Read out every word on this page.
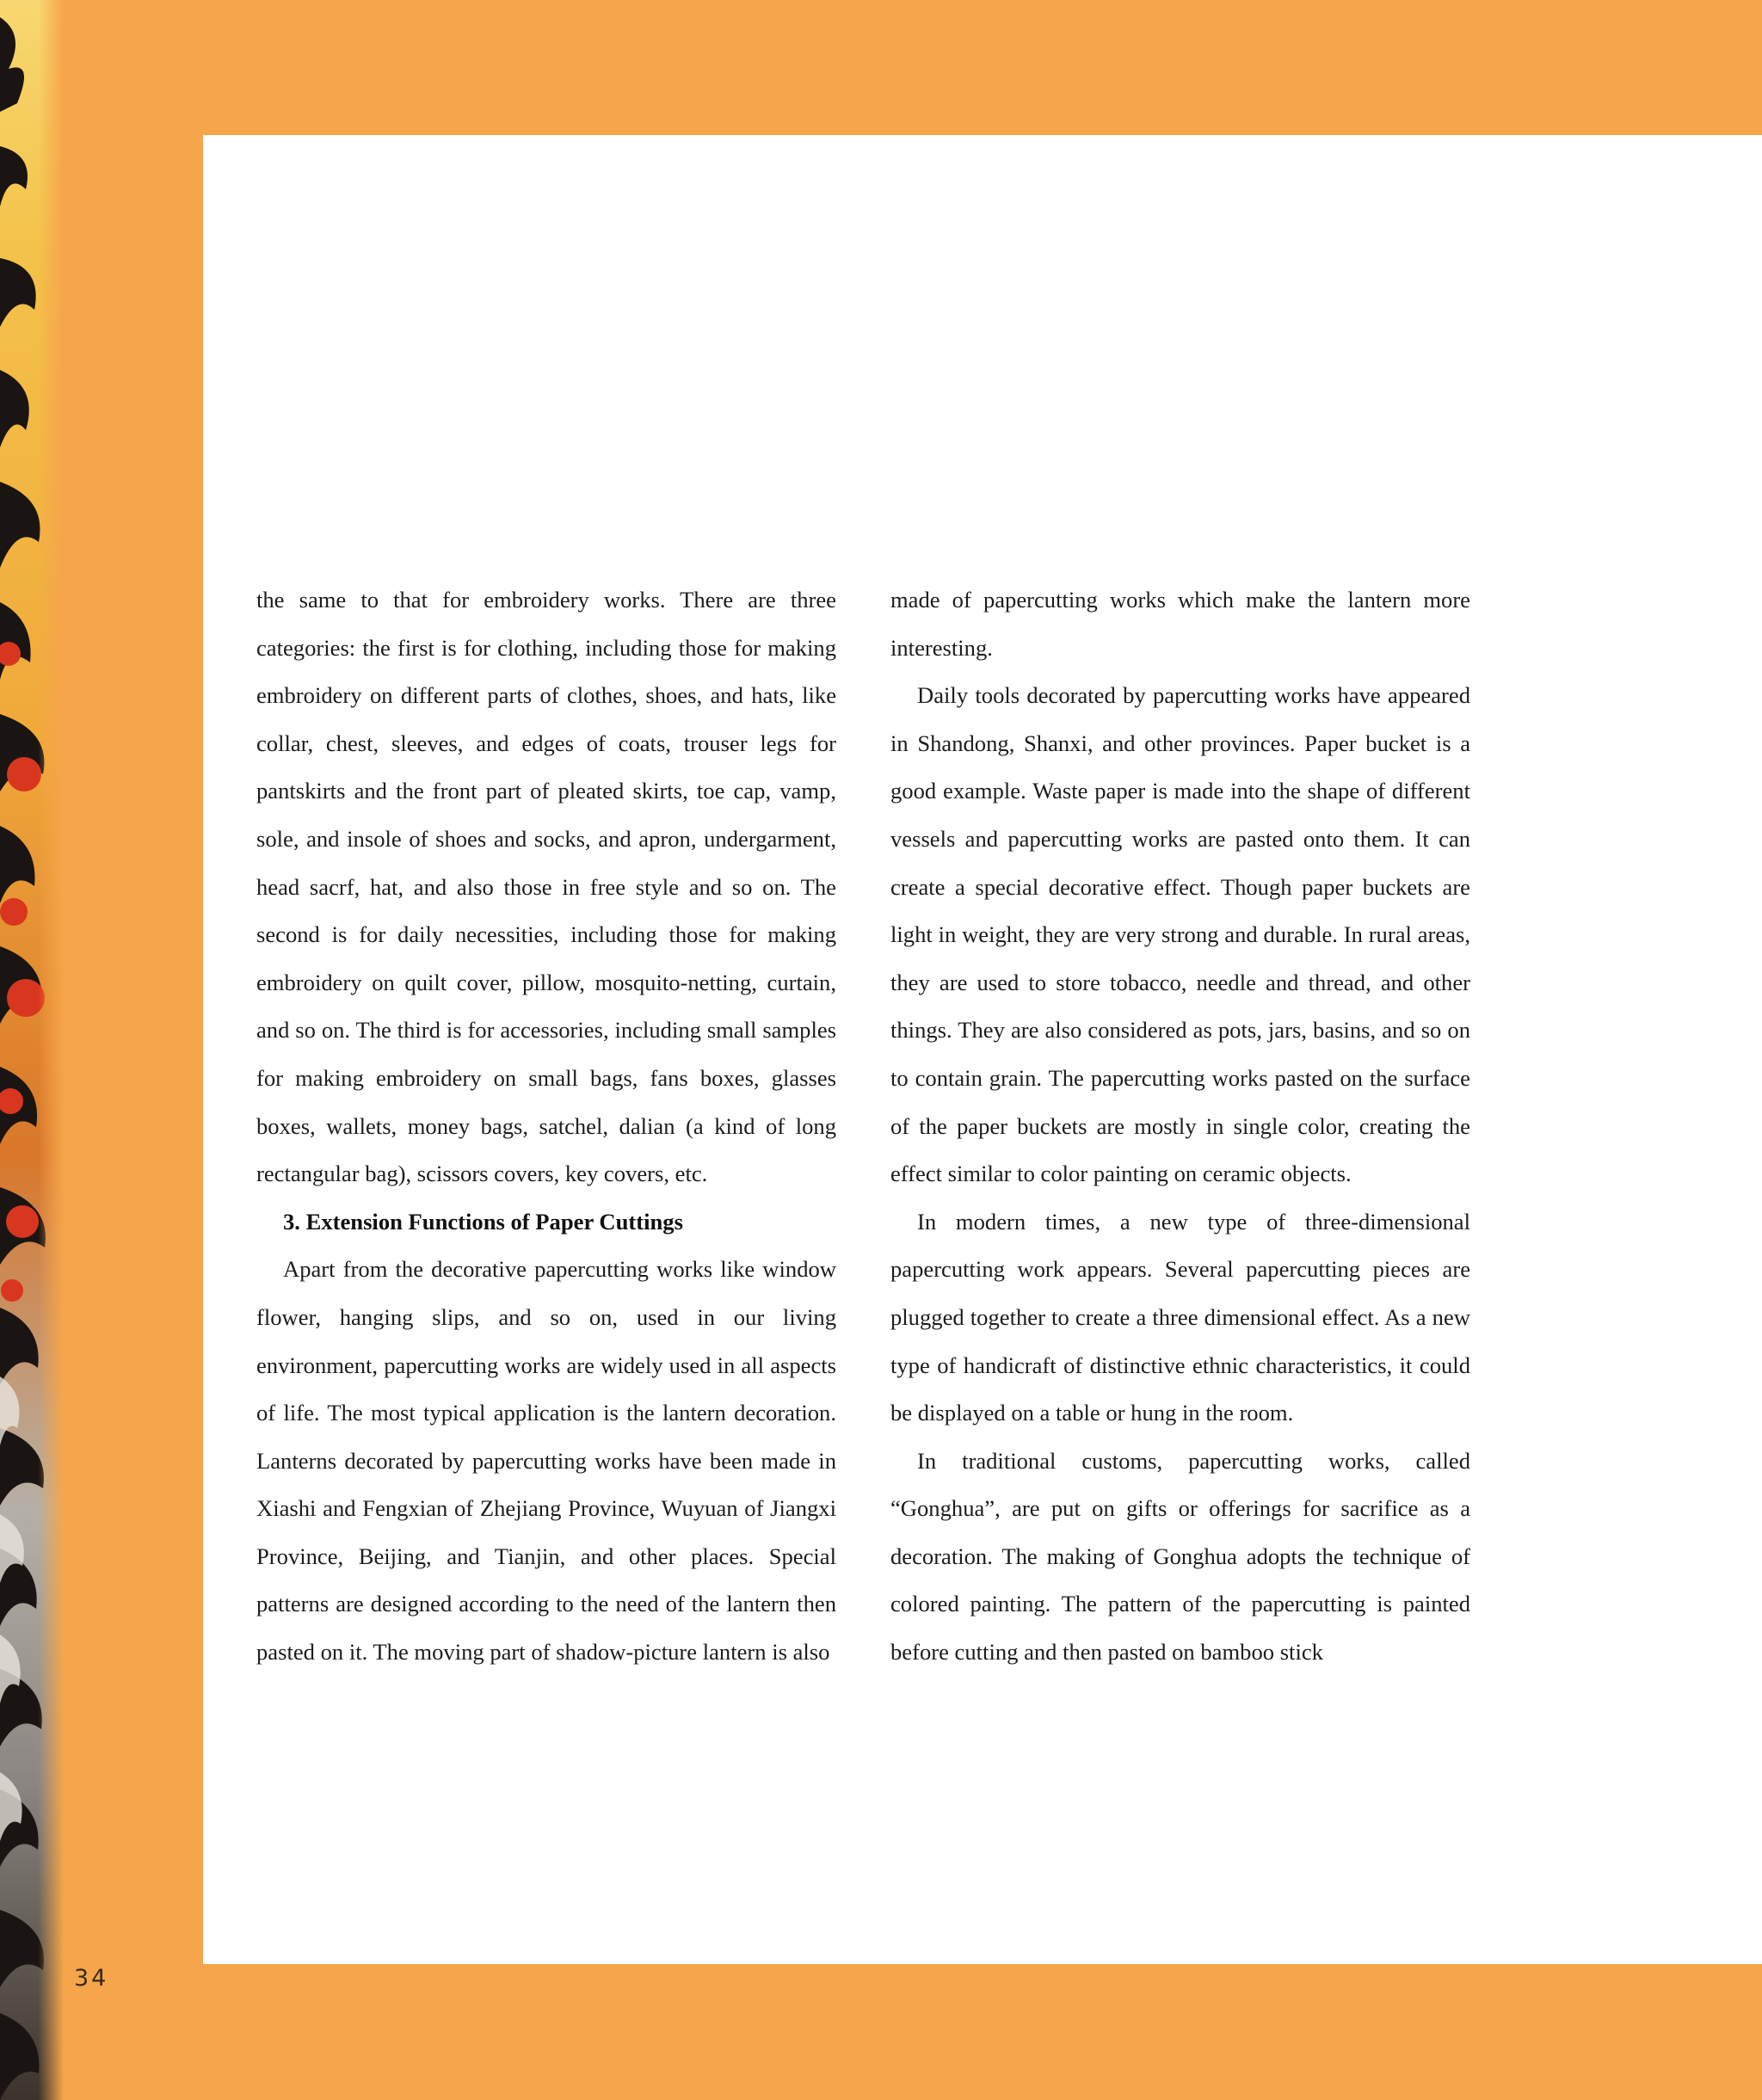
the same to that for embroidery works. There are three categories: the first is for clothing, including those for making embroidery on different parts of clothes, shoes, and hats, like collar, chest, sleeves, and edges of coats, trouser legs for pantskirts and the front part of pleated skirts, toe cap, vamp, sole, and insole of shoes and socks, and apron, undergarment, head sacrf, hat, and also those in free style and so on. The second is for daily necessities, including those for making embroidery on quilt cover, pillow, mosquito-netting, curtain, and so on. The third is for accessories, including small samples for making embroidery on small bags, fans boxes, glasses boxes, wallets, money bags, satchel, dalian (a kind of long rectangular bag), scissors covers, key covers, etc.

3. Extension Functions of Paper Cuttings

Apart from the decorative papercutting works like window flower, hanging slips, and so on, used in our living environment, papercutting works are widely used in all aspects of life. The most typical application is the lantern decoration. Lanterns decorated by papercutting works have been made in Xiashi and Fengxian of Zhejiang Province, Wuyuan of Jiangxi Province, Beijing, and Tianjin, and other places. Special patterns are designed according to the need of the lantern then pasted on it. The moving part of shadow-picture lantern is also

made of papercutting works which make the lantern more interesting.

Daily tools decorated by papercutting works have appeared in Shandong, Shanxi, and other provinces. Paper bucket is a good example. Waste paper is made into the shape of different vessels and papercutting works are pasted onto them. It can create a special decorative effect. Though paper buckets are light in weight, they are very strong and durable. In rural areas, they are used to store tobacco, needle and thread, and other things. They are also considered as pots, jars, basins, and so on to contain grain. The papercutting works pasted on the surface of the paper buckets are mostly in single color, creating the effect similar to color painting on ceramic objects.

In modern times, a new type of three-dimensional papercutting work appears. Several papercutting pieces are plugged together to create a three dimensional effect. As a new type of handicraft of distinctive ethnic characteristics, it could be displayed on a table or hung in the room.

In traditional customs, papercutting works, called “Gonghua”, are put on gifts or offerings for sacrifice as a decoration. The making of Gonghua adopts the technique of colored painting. The pattern of the papercutting is painted before cutting and then pasted on bamboo stick

34
